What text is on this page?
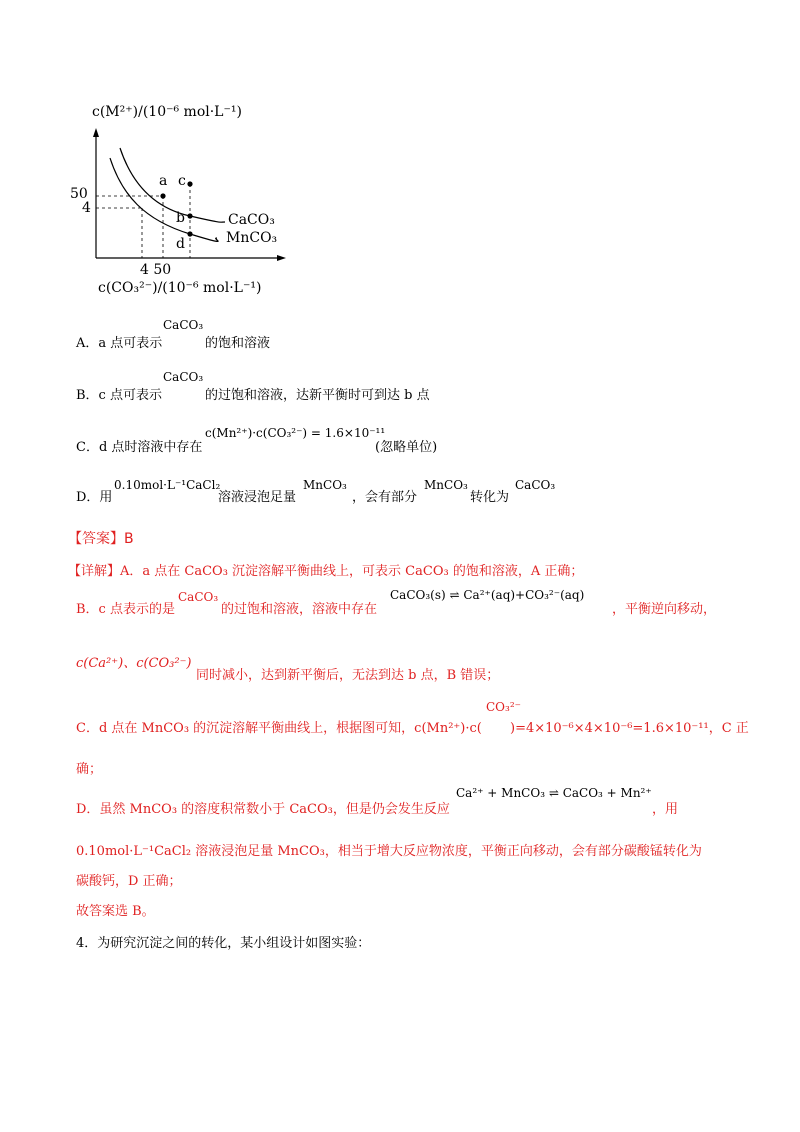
c(M²⁺)/(10⁻⁶ mol·L⁻¹)
50
4
a
b
c
d
CaCO₃
MnCO₃
4 50
c(CO₃²⁻)/(10⁻⁶ mol·L⁻¹)
A．a 点可表示
CaCO₃
的饱和溶液
B．c 点可表示
CaCO₃
的过饱和溶液，达新平衡时可到达 b 点
C．d 点时溶液中存在
c(Mn²⁺)·c(CO₃²⁻) = 1.6×10⁻¹¹
(忽略单位)
D．用
0.10mol·L⁻¹CaCl₂
溶液浸泡足量
MnCO₃
，会有部分
MnCO₃
转化为
CaCO₃
【答案】B
【详解】A．a 点在 CaCO₃ 沉淀溶解平衡曲线上，可表示 CaCO₃ 的饱和溶液，A 正确；
B．c 点表示的是
CaCO₃
的过饱和溶液，溶液中存在
CaCO₃(s) ⇌ Ca²⁺(aq)+CO₃²⁻(aq)
，平衡逆向移动，
c(Ca²⁺)、c(CO₃²⁻)
同时减小，达到新平衡后，无法到达 b 点，B 错误；
C．d 点在 MnCO₃ 的沉淀溶解平衡曲线上，根据图可知，c(Mn²⁺)·c(
CO₃²⁻
)=4×10⁻⁶×4×10⁻⁶=1.6×10⁻¹¹，C 正
确；
D．虽然 MnCO₃ 的溶度积常数小于 CaCO₃，但是仍会发生反应
Ca²⁺ + MnCO₃ ⇌ CaCO₃ + Mn²⁺
，用
0.10mol·L⁻¹CaCl₂ 溶液浸泡足量 MnCO₃，相当于增大反应物浓度，平衡正向移动，会有部分碳酸锰转化为
碳酸钙，D 正确；
故答案选 B。
4．为研究沉淀之间的转化，某小组设计如图实验：
